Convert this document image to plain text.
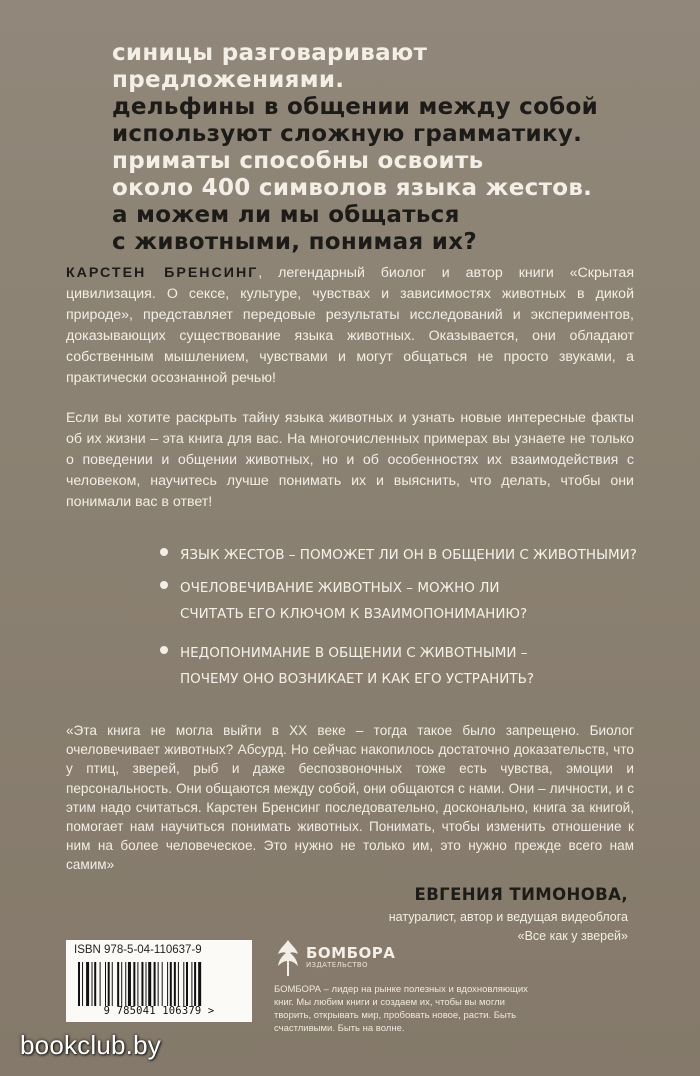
синицы разговаривают
предложениями.
дельфины в общении между собой
используют сложную грамматику.
приматы способны освоить
около 400 символов языка жестов.
а можем ли мы общаться
с животными, понимая их?
КАРСТЕН БРЕНСИНГ, легендарный биолог и автор книги «Скрытая цивилизация. О сексе, культуре, чувствах и зависимостях животных в дикой природе», представляет передовые результаты исследований и экспериментов, доказывающих существование языка животных. Оказывается, они обладают собственным мышлением, чувствами и могут общаться не просто звуками, а практически осознанной речью!
Если вы хотите раскрыть тайну языка животных и узнать новые интересные факты об их жизни – эта книга для вас. На многочисленных примерах вы узнаете не только о поведении и общении животных, но и об особенностях их взаимодействия с человеком, научитесь лучше понимать их и выяснить, что делать, чтобы они понимали вас в ответ!
ЯЗЫК ЖЕСТОВ – ПОМОЖЕТ ЛИ ОН В ОБЩЕНИИ С ЖИВОТНЫМИ?
ОЧЕЛОВЕЧИВАНИЕ ЖИВОТНЫХ – МОЖНО ЛИ
СЧИТАТЬ ЕГО КЛЮЧОМ К ВЗАИМОПОНИМАНИЮ?
НЕДОПОНИМАНИЕ В ОБЩЕНИИ С ЖИВОТНЫМИ –
ПОЧЕМУ ОНО ВОЗНИКАЕТ И КАК ЕГО УСТРАНИТЬ?
«Эта книга не могла выйти в XX веке – тогда такое было запрещено. Биолог очеловечивает животных? Абсурд. Но сейчас накопилось достаточно доказательств, что у птиц, зверей, рыб и даже беспозвоночных тоже есть чувства, эмоции и персональность. Они общаются между собой, они общаются с нами. Они – личности, и с этим надо считаться. Карстен Бренсинг последовательно, досконально, книга за книгой, помогает нам научиться понимать животных. Понимать, чтобы изменить отношение к ним на более человеческое. Это нужно не только им, это нужно прежде всего нам самим»
ЕВГЕНИЯ ТИМОНОВА,
натуралист, автор и ведущая видеоблога
«Все как у зверей»
ISBN 978-5-04-110637-9
9 785041 106379 >
БОМБОРА
ИЗДАТЕЛЬСТВО
БОМБОРА – лидер на рынке полезных и вдохновляющих книг. Мы любим книги и создаем их, чтобы вы могли творить, открывать мир, пробовать новое, расти. Быть счастливыми. Быть на волне.
bookclub.by
